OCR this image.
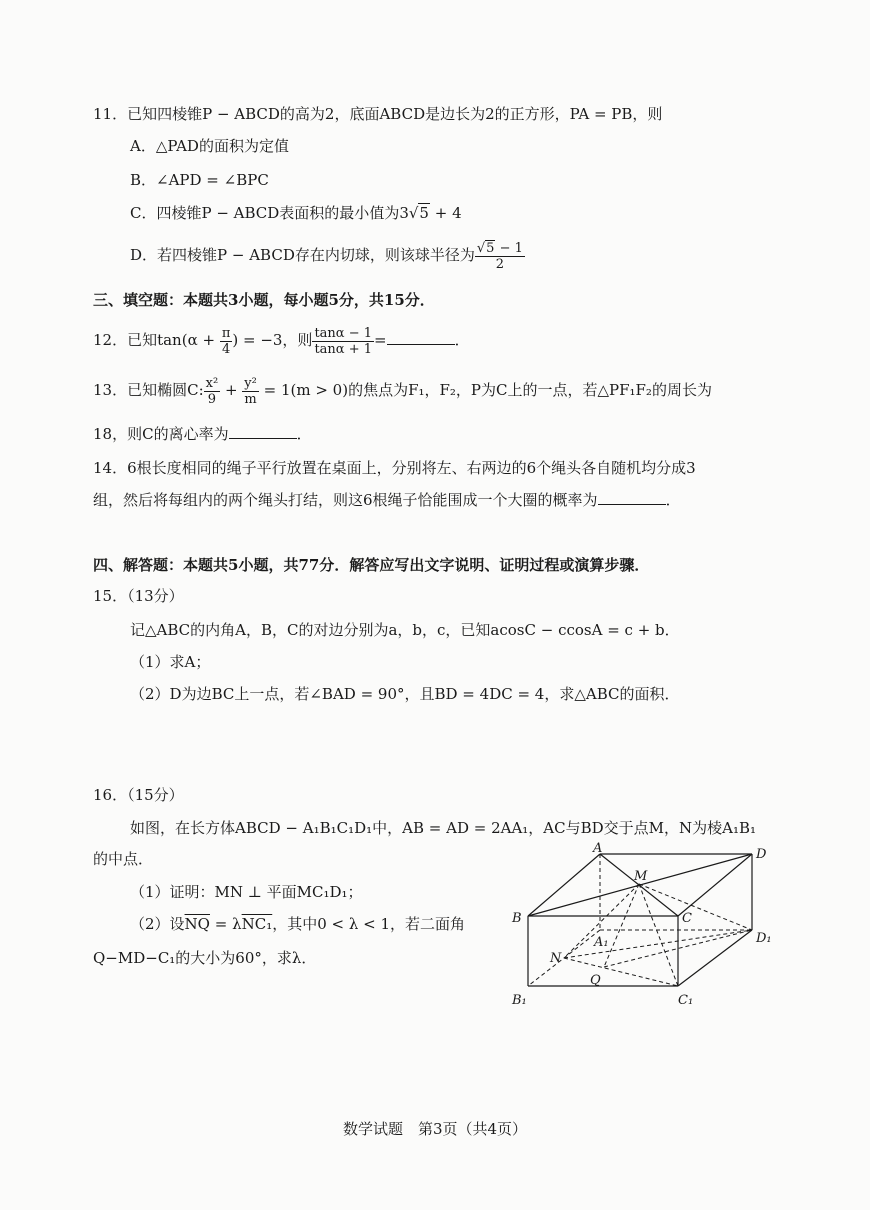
11．已知四棱锥P − ABCD的高为2，底面ABCD是边长为2的正方形，PA = PB，则
A．△PAD的面积为定值
B．∠APD = ∠BPC
C．四棱锥P − ABCD表面积的最小值为3√5 + 4
D．若四棱锥P − ABCD存在内切球，则该球半径为 $\frac{√5 - 1}{2}$
三、填空题：本题共3小题，每小题5分，共15分．
12．已知$\tan(\alpha + \frac{\pi}{4}$ ) = −3，则 $\frac{\tan\alpha - 1}{\tan\alpha + 1}$ =	．
13．已知椭圆C: $\frac{\text{x²}}{9} + \frac{\text{y²}}{m} = 1(m > 0)$的焦点为F₁，F₂，P为C上的一点，若△PF₁F₂的周长为
18，则C的离心率为	．
14．6根长度相同的绳子平行放置在桌面上，分别将左、右两边的6个绳头各自随机均分成3
组，然后将每组内的两个绳头打结，则这6根绳子恰能围成一个大圈的概率为	．
四、解答题：本题共5小题，共77分．解答应写出文字说明、证明过程或演算步骤．
15．（13分）
记△ABC的内角A，B，C的对边分别为a，b，c，已知acosC − ccosA = c + b．
（1）求A；
（2）D为边BC上一点，若∠BAD = 90°，且BD = 4DC = 4，求△ABC的面积．
16．（15分）
如图，在长方体ABCD − A₁B₁C₁D₁中，AB = AD = 2AA₁，AC与BD交于点M，N为棱A₁B₁
的中点．
（1）证明：MN ⊥ 平面MC₁D₁；
（2）设$\overline{NQ} = \lambda NC_1$，其中0 < λ < 1，若二面角
Q−MD−C₁的大小为60°，求λ．
A	D
M
B	C
A₁	D₁
N
Q
B₁	C₁
数学试题　第3页（共4页）
